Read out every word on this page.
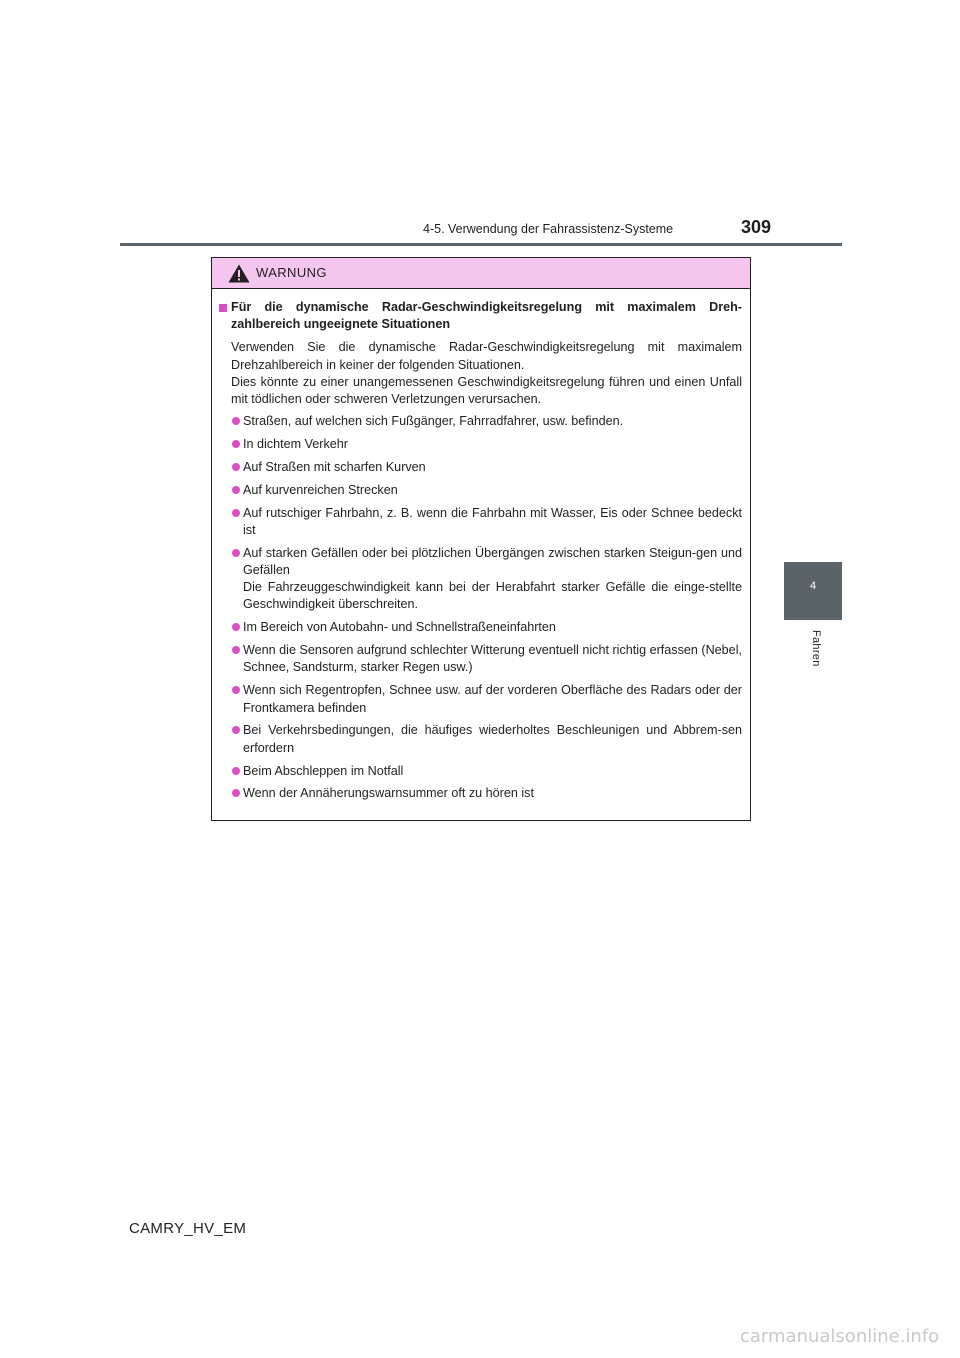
4-5. Verwendung der Fahrassistenz-Systeme	309
4
Fahren
WARNUNG
Für die dynamische Radar-Geschwindigkeitsregelung mit maximalem Dreh-zahlbereich ungeeignete Situationen

Verwenden Sie die dynamische Radar-Geschwindigkeitsregelung mit maximalem Drehzahlbereich in keiner der folgenden Situationen.

Dies könnte zu einer unangemessenen Geschwindigkeitsregelung führen und einen Unfall mit tödlichen oder schweren Verletzungen verursachen.

Straßen, auf welchen sich Fußgänger, Fahrradfahrer, usw. befinden.

In dichtem Verkehr

Auf Straßen mit scharfen Kurven

Auf kurvenreichen Strecken

Auf rutschiger Fahrbahn, z. B. wenn die Fahrbahn mit Wasser, Eis oder Schnee bedeckt ist

Auf starken Gefällen oder bei plötzlichen Übergängen zwischen starken Steigun-gen und Gefällen

Die Fahrzeuggeschwindigkeit kann bei der Herabfahrt starker Gefälle die einge-stellte Geschwindigkeit überschreiten.

Im Bereich von Autobahn- und Schnellstraßeneinfahrten

Wenn die Sensoren aufgrund schlechter Witterung eventuell nicht richtig erfassen (Nebel, Schnee, Sandsturm, starker Regen usw.)

Wenn sich Regentropfen, Schnee usw. auf der vorderen Oberfläche des Radars oder der Frontkamera befinden

Bei Verkehrsbedingungen, die häufiges wiederholtes Beschleunigen und Abbrem-sen erfordern

Beim Abschleppen im Notfall

Wenn der Annäherungswarnsummer oft zu hören ist

CAMRY_HV_EM
carmanualsonline.info
